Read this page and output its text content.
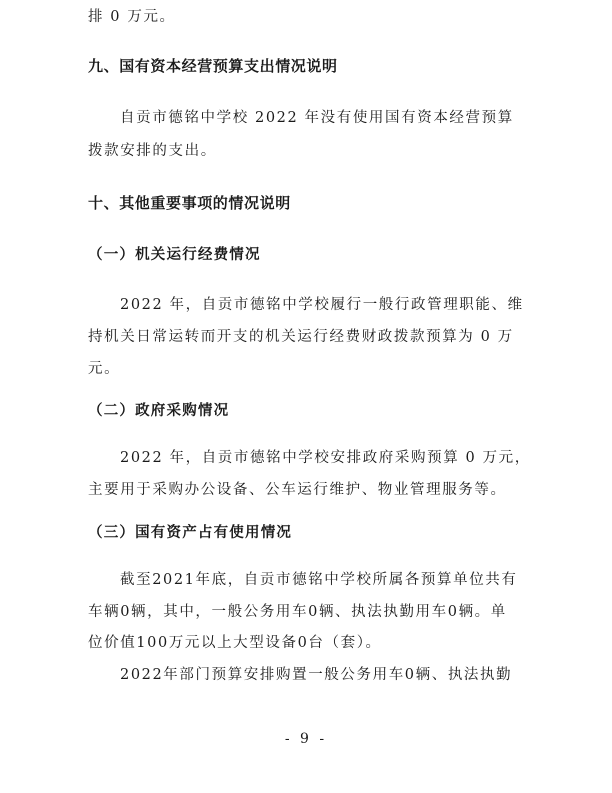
排 0 万元。
九、国有资本经营预算支出情况说明
自贡市德铭中学校 2022 年没有使用国有资本经营预算
拨款安排的支出。
十、其他重要事项的情况说明
（一）机关运行经费情况
2022 年，自贡市德铭中学校履行一般行政管理职能、维
持机关日常运转而开支的机关运行经费财政拨款预算为 0 万
元。
（二）政府采购情况
2022 年，自贡市德铭中学校安排政府采购预算 0 万元，
主要用于采购办公设备、公车运行维护、物业管理服务等。
（三）国有资产占有使用情况
截至2021年底，自贡市德铭中学校所属各预算单位共有
车辆0辆，其中，一般公务用车0辆、执法执勤用车0辆。单
位价值100万元以上大型设备0台（套）。
2022年部门预算安排购置一般公务用车0辆、执法执勤
- 9 -
